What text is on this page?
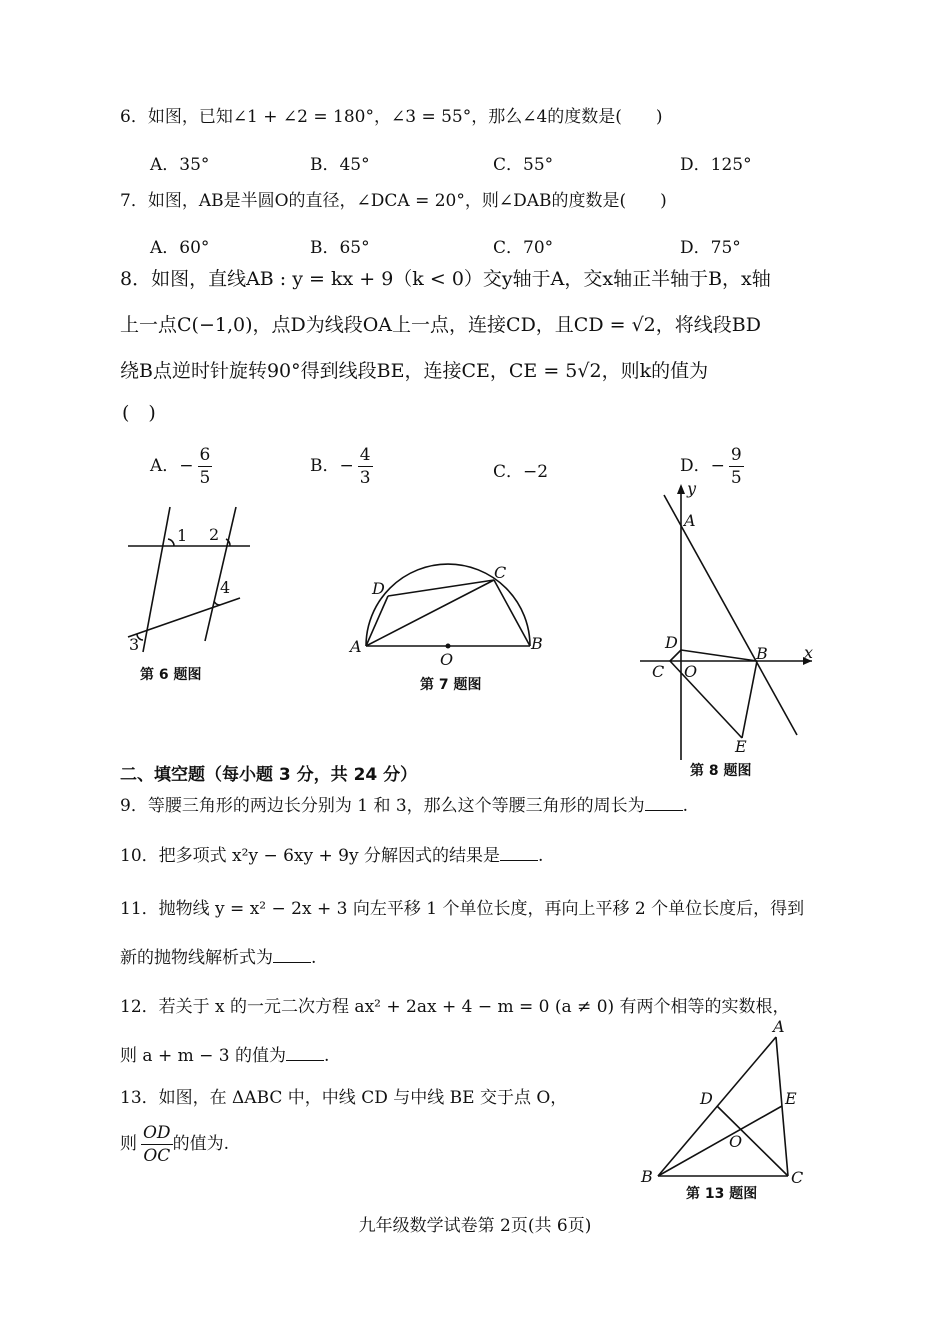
6．如图，已知∠1 + ∠2 = 180°，∠3 = 55°，那么∠4的度数是(　　)
A．35°	B．45°	C．55°	D．125°
7．如图，AB是半圆O的直径，∠DCA = 20°，则∠DAB的度数是(　　)
A．60°	B．65°	C．70°	D．75°
8．如图，直线AB : y = kx + 9（k < 0）交y轴于A，交x轴正半轴于B，x轴
上一点C(−1,0)，点D为线段OA上一点，连接CD，且CD = √2，将线段BD
绕B点逆时针旋转90°得到线段BE，连接CE，CE = 5√2，则k的值为
(　)
A．− $\frac{6}{5}$	B．− $\frac{4}{3}$	C．−2	D．− $\frac{9}{5}$
1 2
3
4	D
C
A
O
B
y
A
D
B x
C O
E
A
D	E
O
B	C
第 6 题图
第 7 题图
第 8 题图
第 13 题图
二、填空题（每小题 3 分，共 24 分）
9．等腰三角形的两边长分别为 1 和 3，那么这个等腰三角形的周长为 .
10．把多项式 x²y − 6xy + 9y 分解因式的结果是 .
11．抛物线 y = x² − 2x + 3 向左平移 1 个单位长度，再向上平移 2 个单位长度后，得到
新的抛物线解析式为 .
12．若关于 x 的一元二次方程 ax² + 2ax + 4 − m = 0 (a ≠ 0) 有两个相等的实数根，
则 a + m − 3 的值为 .
13．如图，在 ΔABC 中，中线 CD 与中线 BE 交于点 O，
则 $\frac{OD}{OC}$ 的值为.
九年级数学试卷第 2页(共 6页)
